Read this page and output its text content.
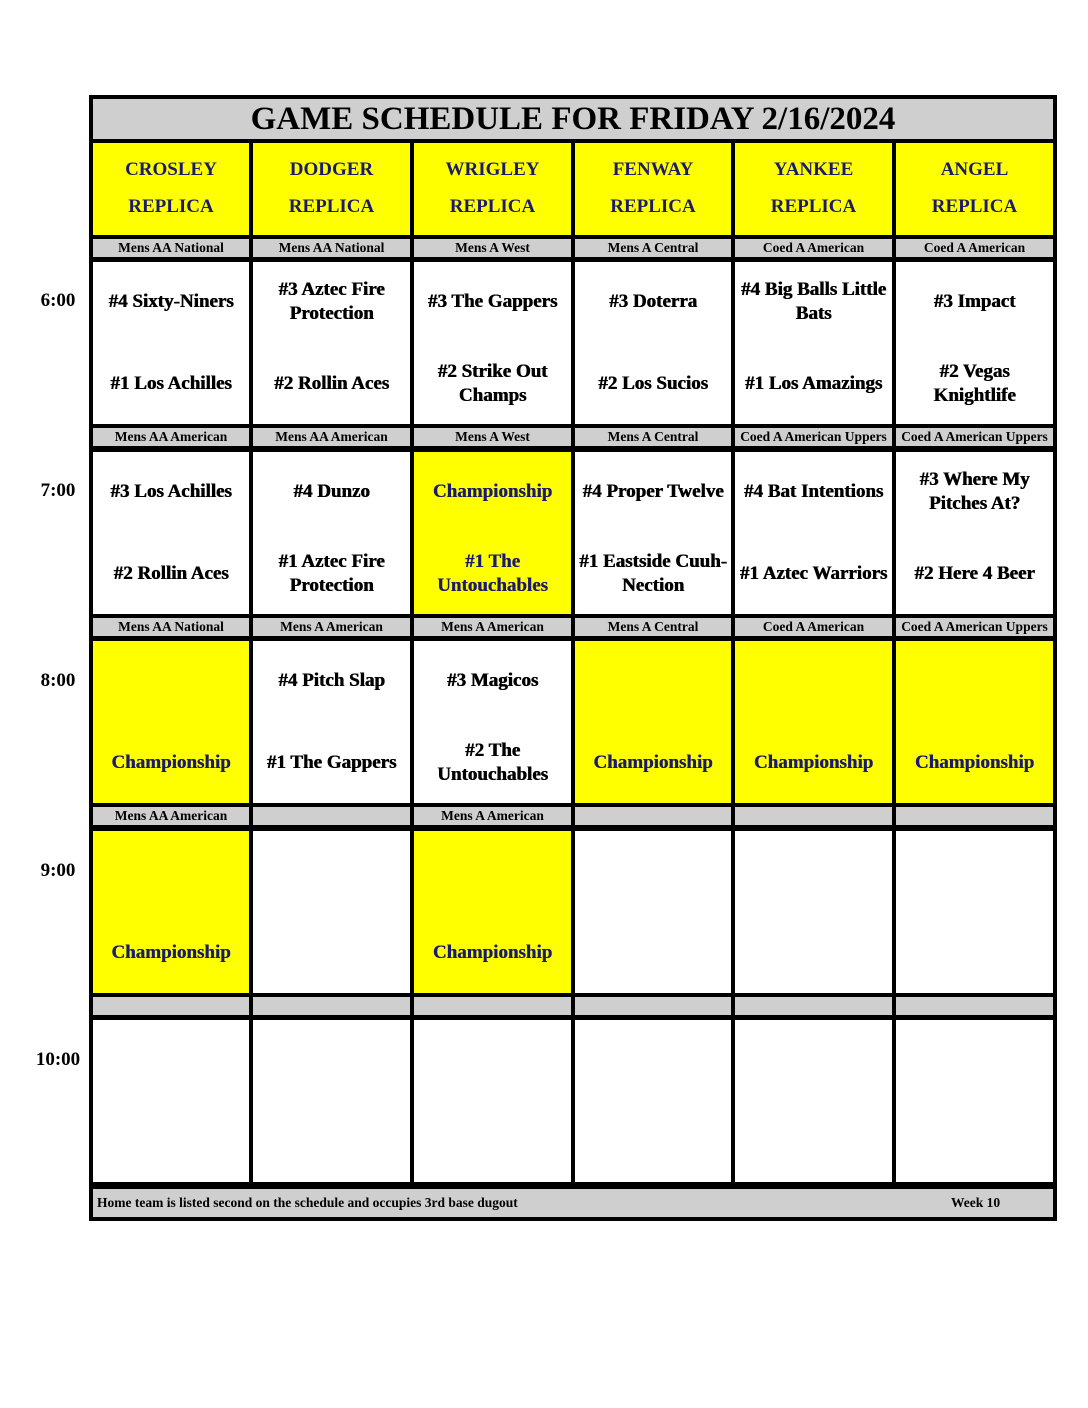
GAME SCHEDULE FOR FRIDAY 2/16/2024
CROSLEY
REPLICA
DODGER
REPLICA
WRIGLEY
REPLICA
FENWAY
REPLICA
YANKEE
REPLICA
ANGEL
REPLICA
Mens AA National
#4 Sixty-Niners
#1 Los Achilles
Mens AA National
#3 Aztec Fire Protection
#2 Rollin Aces
Mens A West
#3 The Gappers
#2 Strike Out Champs
Mens A Central
#3 Doterra
#2 Los Sucios
Coed A American
#4 Big Balls Little Bats
#1 Los Amazings
Coed A American
#3 Impact
#2 Vegas Knightlife
Mens AA American
#3 Los Achilles
#2 Rollin Aces
Mens AA American
#4 Dunzo
#1 Aztec Fire Protection
Mens A West
Championship
#1 The Untouchables
Mens A Central
#4 Proper Twelve
#1 Eastside Cuuh-Nection
Coed A American Uppers
#4 Bat Intentions
#1 Aztec Warriors
Coed A American Uppers
#3 Where My Pitches At?
#2 Here 4 Beer
Mens AA National
Championship
Mens A American
#4 Pitch Slap
#1 The Gappers
Mens A American
#3 Magicos
#2 The Untouchables
Mens A Central
Championship
Coed A American
Championship
Coed A American Uppers
Championship
Mens AA American
Championship
Mens A American
Championship
Home team is listed second on the schedule and occupies 3rd base dugout	Week 10
6:00
7:00
8:00
9:00
10:00
